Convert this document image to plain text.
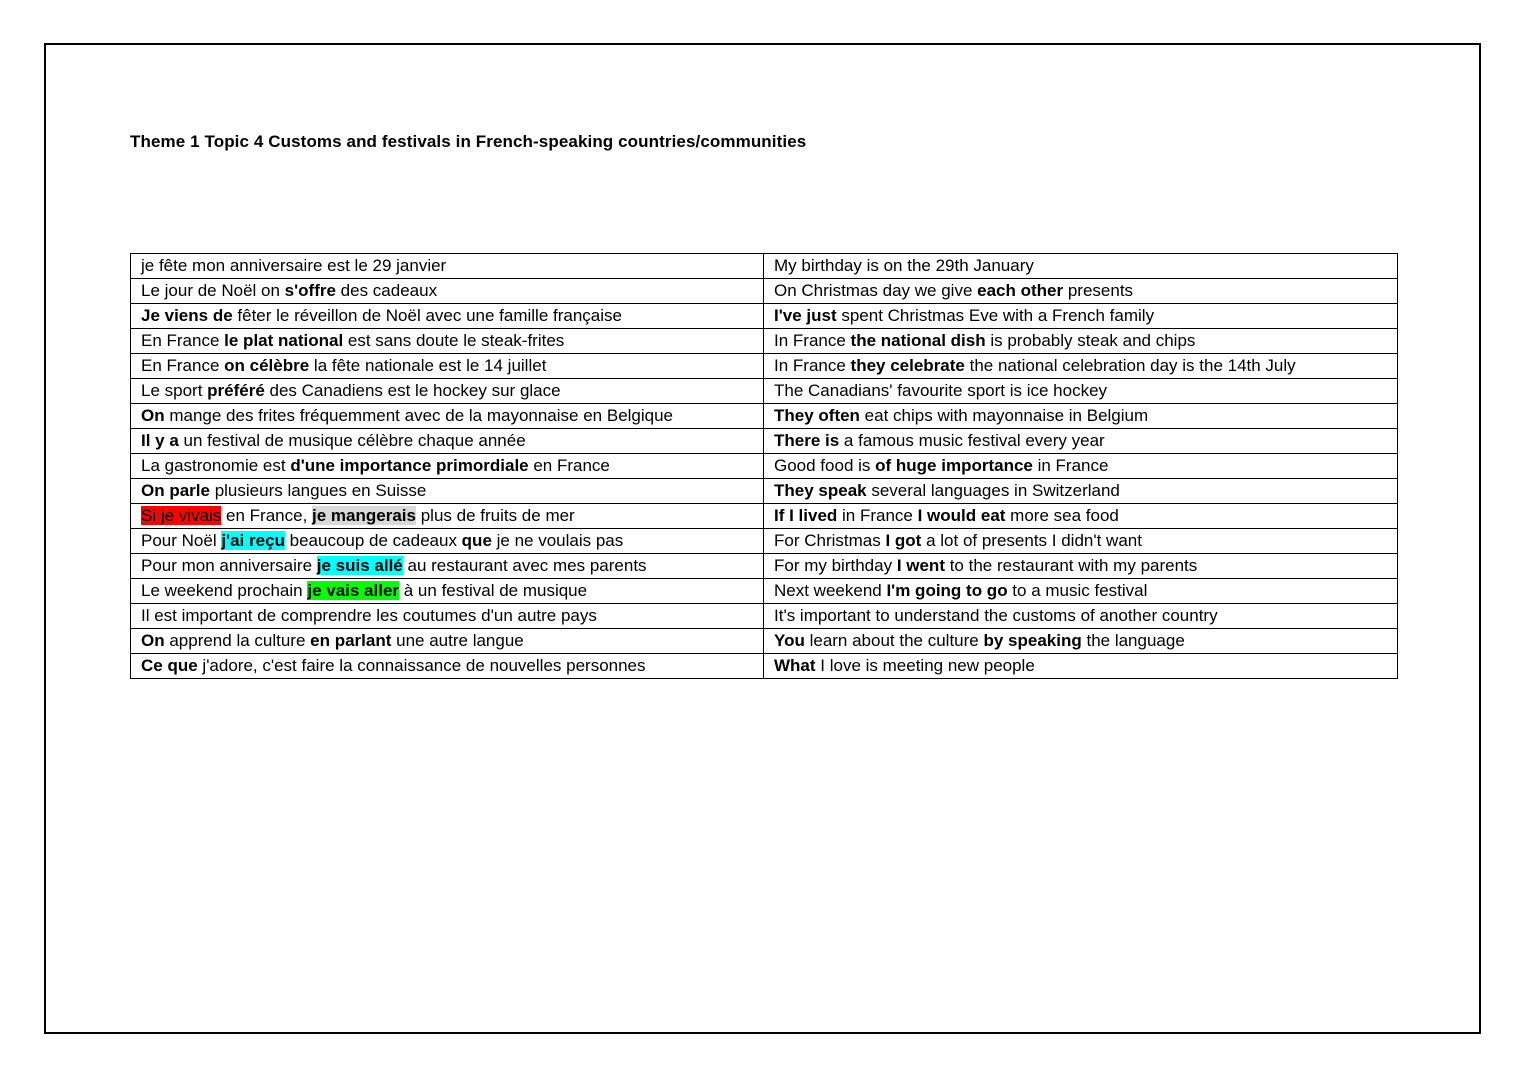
Theme 1 Topic 4 Customs and festivals in French-speaking countries/communities
je fête mon anniversaire est le 29 janvier	My birthday is on the 29th January
Le jour de Noël on s'offre des cadeaux	On Christmas day we give each other presents
Je viens de fêter le réveillon de Noël avec une famille française	I've just spent Christmas Eve with a French family
En France le plat national est sans doute le steak-frites	In France the national dish is probably steak and chips
En France on célèbre la fête nationale est le 14 juillet	In France they celebrate the national celebration day is the 14th July
Le sport préféré des Canadiens est le hockey sur glace	The Canadians' favourite sport is ice hockey
On mange des frites fréquemment avec de la mayonnaise en Belgique	They often eat chips with mayonnaise in Belgium
Il y a un festival de musique célèbre chaque année	There is a famous music festival every year
La gastronomie est d'une importance primordiale en France	Good food is of huge importance in France
On parle plusieurs langues en Suisse	They speak several languages in Switzerland
Si je vivais en France, je mangerais plus de fruits de mer	If I lived in France I would eat more sea food
Pour Noël j'ai reçu beaucoup de cadeaux que je ne voulais pas	For Christmas I got a lot of presents I didn't want
Pour mon anniversaire je suis allé au restaurant avec mes parents	For my birthday I went to the restaurant with my parents
Le weekend prochain je vais aller à un festival de musique	Next weekend I'm going to go to a music festival
Il est important de comprendre les coutumes d'un autre pays	It's important to understand the customs of another country
On apprend la culture en parlant une autre langue	You learn about the culture by speaking the language
Ce que j'adore, c'est faire la connaissance de nouvelles personnes	What I love is meeting new people
